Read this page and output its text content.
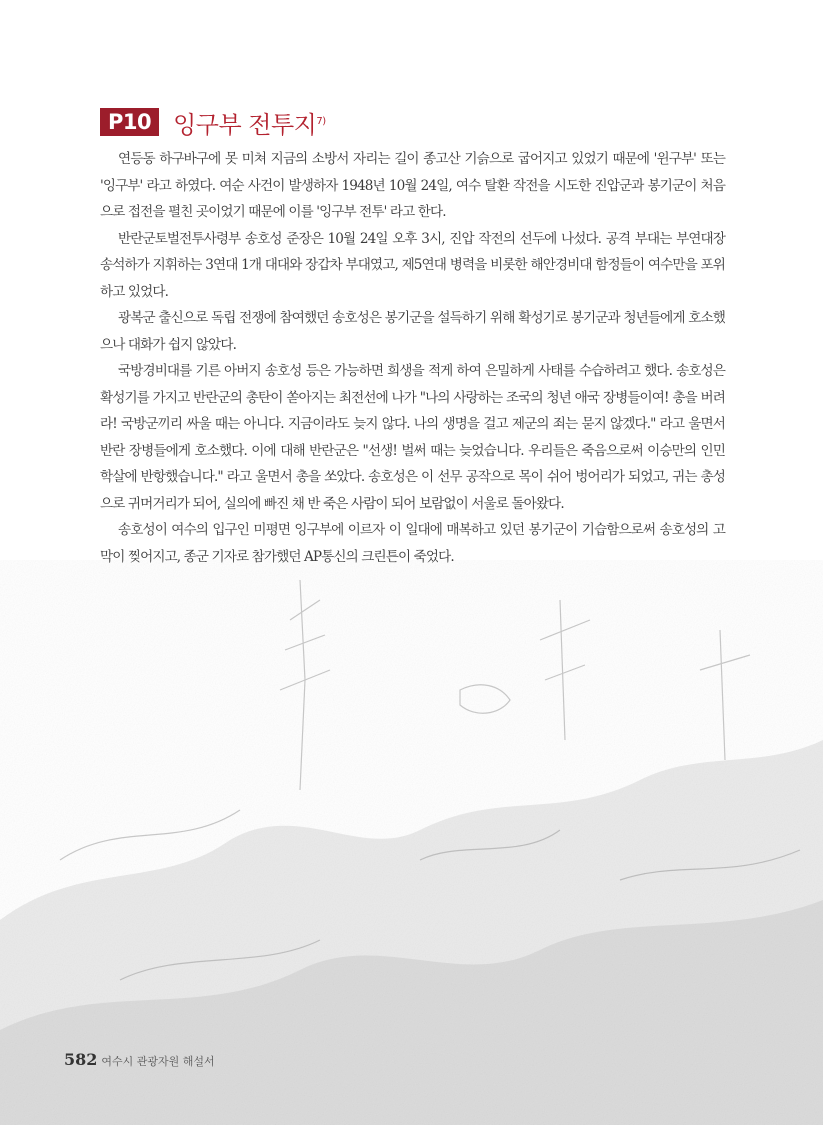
P10 잉구부 전투지$^{7)}$

연등동 하구바구에 못 미쳐 지금의 소방서 자리는 길이 종고산 기슭으로 굽어지고 있었기 때문에 '윈구부' 또는 '잉구부' 라고 하였다. 여순 사건이 발생하자 1948년 10월 24일, 여수 탈환 작전을 시도한 진압군과 봉기군이 처음으로 접전을 펼친 곳이었기 때문에 이를 '잉구부 전투' 라고 한다.

반란군토벌전투사령부 송호성 준장은 10월 24일 오후 3시, 진압 작전의 선두에 나섰다. 공격 부대는 부연대장 송석하가 지휘하는 3연대 1개 대대와 장갑차 부대였고, 제5연대 병력을 비롯한 해안경비대 함정들이 여수만을 포위하고 있었다.

광복군 출신으로 독립 전쟁에 참여했던 송호성은 봉기군을 설득하기 위해 확성기로 봉기군과 청년들에게 호소했으나 대화가 쉽지 않았다.

국방경비대를 기른 아버지 송호성 등은 가능하면 희생을 적게 하여 은밀하게 사태를 수습하려고 했다. 송호성은 확성기를 가지고 반란군의 총탄이 쏟아지는 최전선에 나가 "나의 사랑하는 조국의 청년 애국 장병들이여! 총을 버려라! 국방군끼리 싸울 때는 아니다. 지금이라도 늦지 않다. 나의 생명을 걸고 제군의 죄는 묻지 않겠다." 라고 울면서 반란 장병들에게 호소했다. 이에 대해 반란군은 "선생! 벌써 때는 늦었습니다. 우리들은 죽음으로써 이승만의 인민 학살에 반항했습니다." 라고 울면서 총을 쏘았다. 송호성은 이 선무 공작으로 목이 쉬어 벙어리가 되었고, 귀는 총성으로 귀머거리가 되어, 실의에 빠진 채 반 죽은 사람이 되어 보람없이 서울로 돌아왔다.

송호성이 여수의 입구인 미평면 잉구부에 이르자 이 일대에 매복하고 있던 봉기군이 기습함으로써 송호성의 고막이 찢어지고, 종군 기자로 참가했던 AP통신의 크린튼이 죽었다.

582 여수시 관광자원 해설서
